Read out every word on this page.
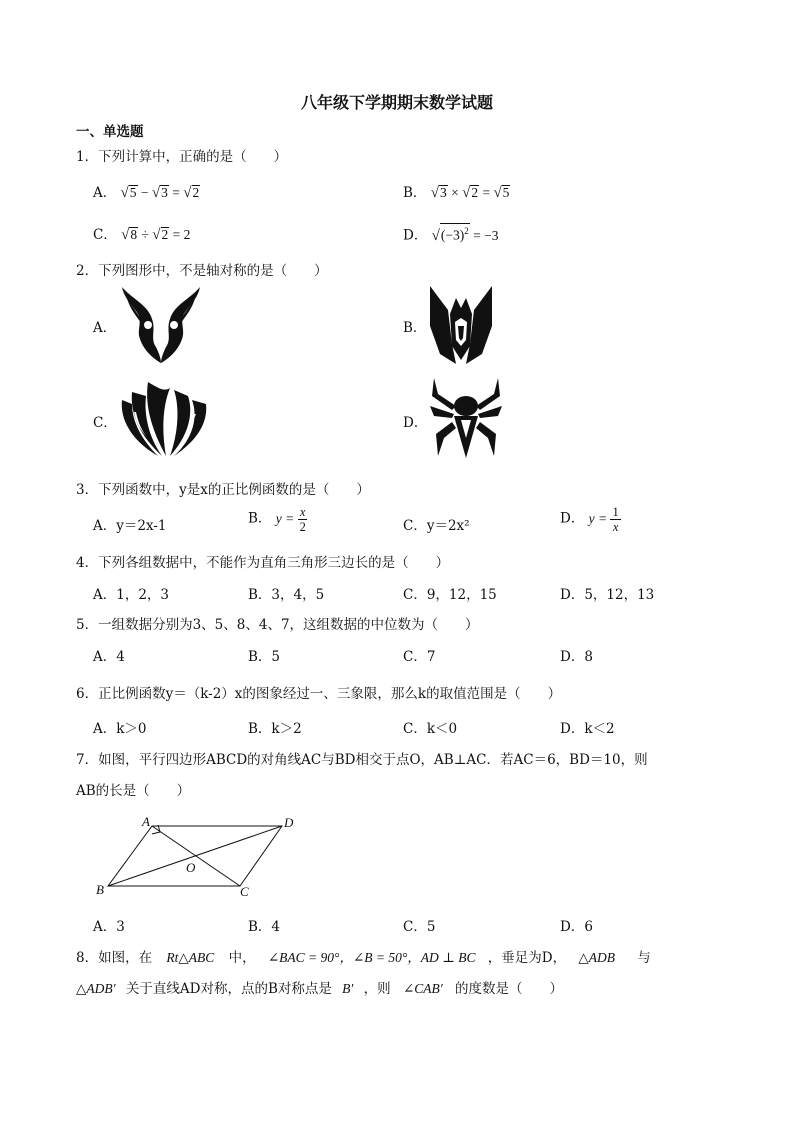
八年级下学期期末数学试题
一、单选题
1．下列计算中，正确的是（　　）
A． √5 − √3 = √2	B． √3 × √2 = √5
C． √8 ÷ √2 = 2	D． $√(-3)^2 = -3$
2．下列图形中，不是轴对称的是（　　）
A．	B．
C．	D．
3．下列函数中，y是x的正比例函数的是（　　）
A．y＝2x-1	B． $y = \frac{x}{2}$	C．y＝2x²	D． $y = \frac{1}{x}$
4．下列各组数据中，不能作为直角三角形三边长的是（　　）
A．1，2，3	B．3，4，5	C．9，12，15	D．5，12，13
5．一组数据分别为3、5、8、4、7，这组数据的中位数为（　　）
A．4	B．5	C．7	D．8
6．正比例函数y＝（k-2）x的图象经过一、三象限，那么k的取值范围是（　　）
A．k＞0	B．k＞2	C．k＜0	D．k＜2
7．如图，平行四边形ABCD的对角线AC与BD相交于点O，AB⊥AC．若AC＝6，BD＝10，则
AB的长是（　　）
A	D
B	C
O
A．3	B．4	C．5	D．6
8．如图，在 Rt△ABC 中， ∠BAC = 90°，∠B = 50°，AD ⊥ BC ，垂足为D， △ADB 与
△ADB′ 关于直线AD对称，点的B对称点是 B′ ，则 ∠CAB′ 的度数是（　　）
